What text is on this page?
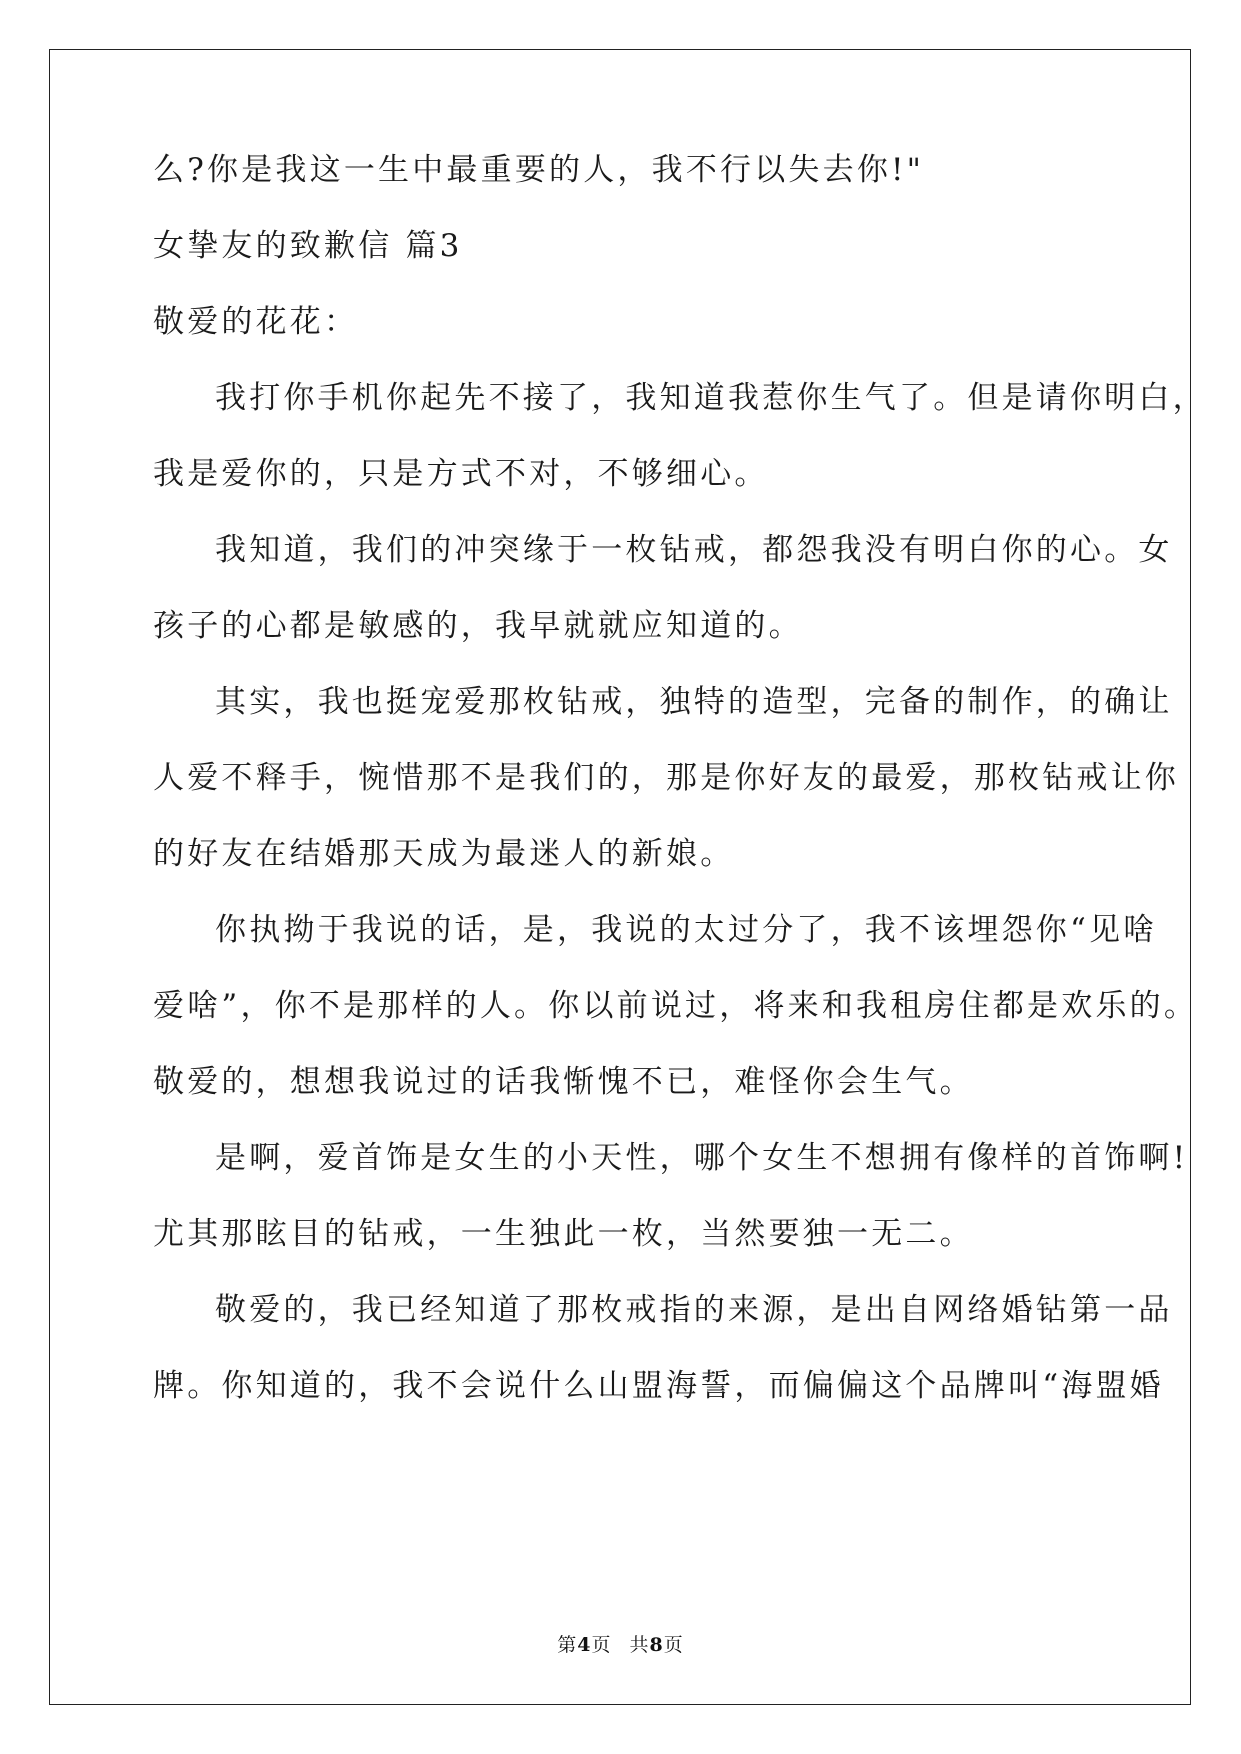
么?你是我这一生中最重要的人，我不行以失去你!"
女挚友的致歉信 篇3
敬爱的花花：
我打你手机你起先不接了，我知道我惹你生气了。但是请你明白，
我是爱你的，只是方式不对，不够细心。
我知道，我们的冲突缘于一枚钻戒，都怨我没有明白你的心。女
孩子的心都是敏感的，我早就就应知道的。
其实，我也挺宠爱那枚钻戒，独特的造型，完备的制作，的确让
人爱不释手，惋惜那不是我们的，那是你好友的最爱，那枚钻戒让你
的好友在结婚那天成为最迷人的新娘。
你执拗于我说的话，是，我说的太过分了，我不该埋怨你“见啥
爱啥”，你不是那样的人。你以前说过，将来和我租房住都是欢乐的。
敬爱的，想想我说过的话我惭愧不已，难怪你会生气。
是啊，爱首饰是女生的小天性，哪个女生不想拥有像样的首饰啊!
尤其那眩目的钻戒，一生独此一枚，当然要独一无二。
敬爱的，我已经知道了那枚戒指的来源，是出自网络婚钻第一品
牌。你知道的，我不会说什么山盟海誓，而偏偏这个品牌叫“海盟婚
第4页 共8页
